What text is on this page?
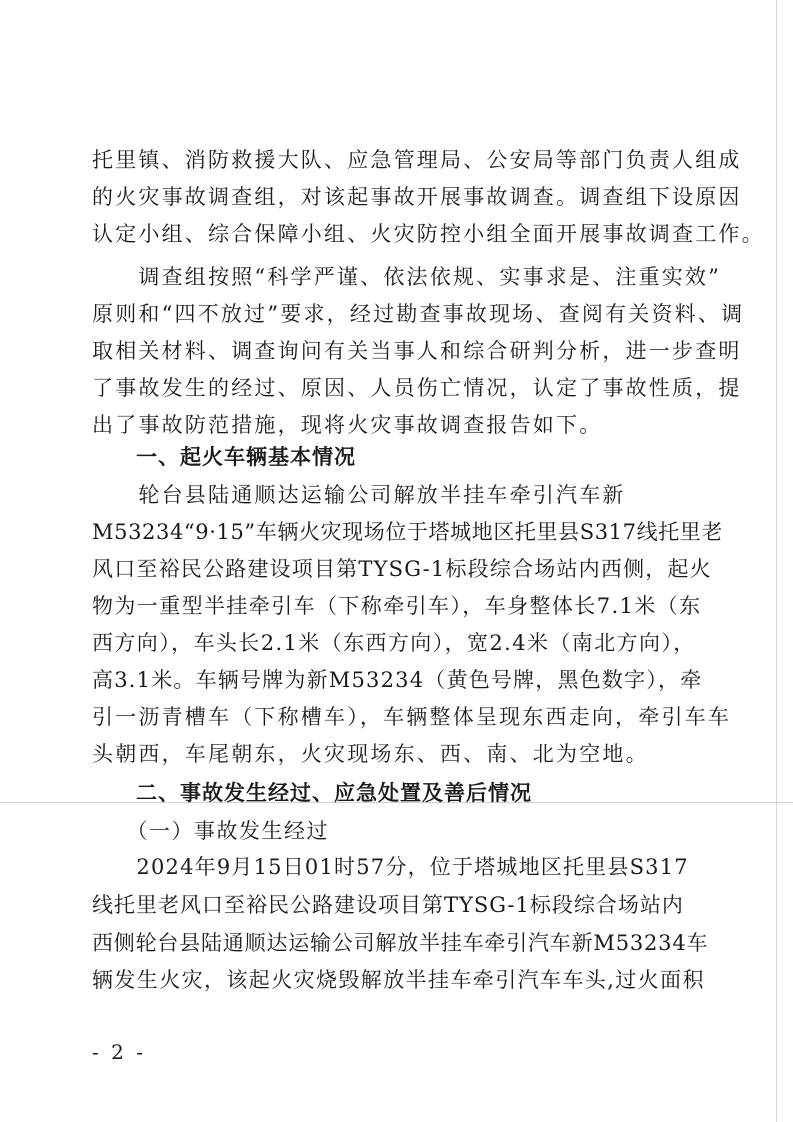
托里镇、消防救援大队、应急管理局、公安局等部门负责人组成
的火灾事故调查组，对该起事故开展事故调查。调查组下设原因
认定小组、综合保障小组、火灾防控小组全面开展事故调查工作。
　　调查组按照“科学严谨、依法依规、实事求是、注重实效”
原则和“四不放过”要求，经过勘查事故现场、查阅有关资料、调
取相关材料、调查询问有关当事人和综合研判分析，进一步查明
了事故发生的经过、原因、人员伤亡情况，认定了事故性质，提
出了事故防范措施，现将火灾事故调查报告如下。
　　一、起火车辆基本情况
　　轮台县陆通顺达运输公司解放半挂车牵引汽车新
M53234“9·15”车辆火灾现场位于塔城地区托里县S317线托里老
风口至裕民公路建设项目第TYSG-1标段综合场站内西侧，起火
物为一重型半挂牵引车（下称牵引车），车身整体长7.1米（东
西方向），车头长2.1米（东西方向），宽2.4米（南北方向），
高3.1米。车辆号牌为新M53234（黄色号牌，黑色数字），牵
引一沥青槽车（下称槽车），车辆整体呈现东西走向，牵引车车
头朝西，车尾朝东，火灾现场东、西、南、北为空地。
　　二、事故发生经过、应急处置及善后情况
　　（一）事故发生经过
　　2024年9月15日01时57分，位于塔城地区托里县S317
线托里老风口至裕民公路建设项目第TYSG-1标段综合场站内
西侧轮台县陆通顺达运输公司解放半挂车牵引汽车新M53234车
辆发生火灾，该起火灾烧毁解放半挂车牵引汽车车头,过火面积
- 2 -
